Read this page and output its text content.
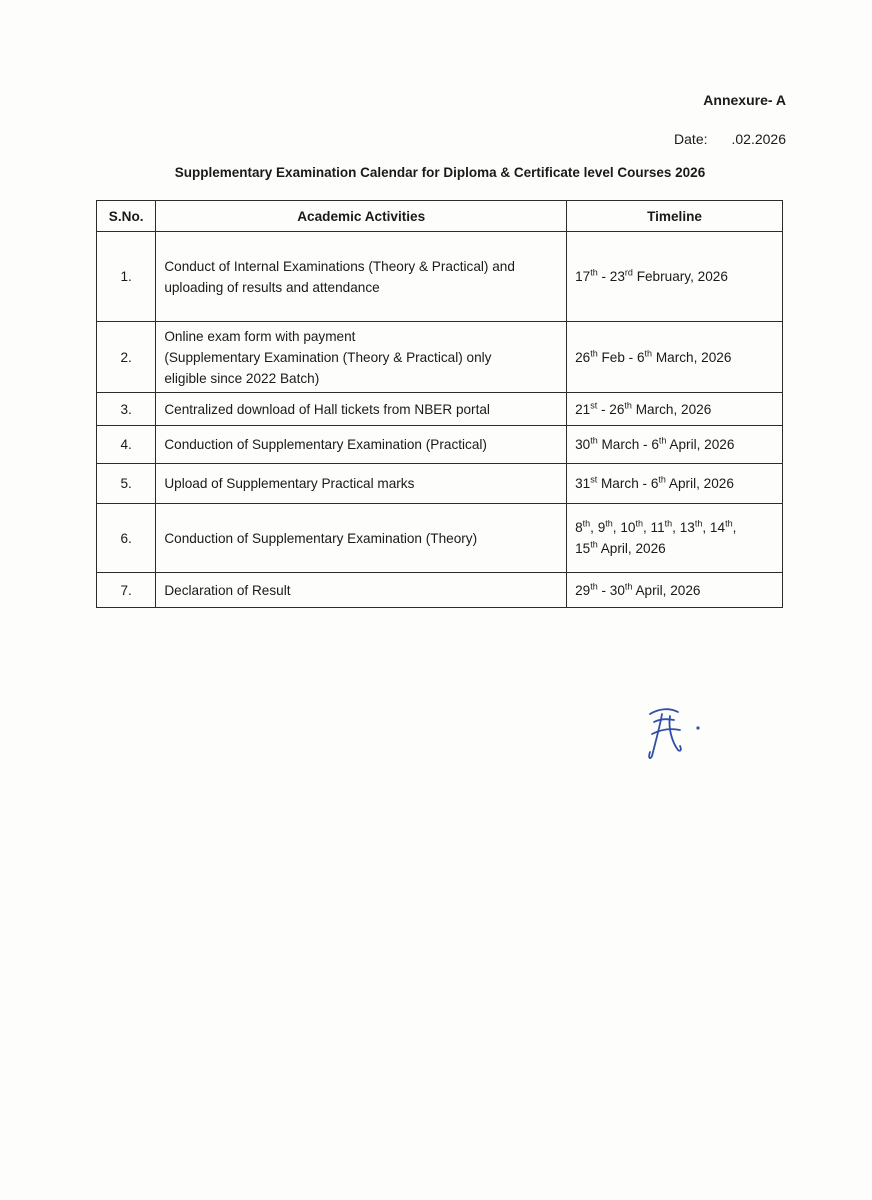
Annexure- A
Date: .02.2026
Supplementary Examination Calendar for Diploma & Certificate level Courses 2026
S.No.	Academic Activities	Timeline
1.	Conduct of Internal Examinations (Theory & Practical) and
uploading of results and attendance	17th - 23rd February, 2026

2.	Online exam form with payment
(Supplementary Examination (Theory & Practical) only
eligible since 2022 Batch)	26th Feb - 6th March, 2026

3.	Centralized download of Hall tickets from NBER portal	21st - 26th March, 2026

4.	Conduction of Supplementary Examination (Practical)	30th March - 6th April, 2026

5.	Upload of Supplementary Practical marks	31st March - 6th April, 2026

6.	Conduction of Supplementary Examination (Theory)	8th, 9th, 10th, 11th, 13th, 14th,
15th April, 2026

7.	Declaration of Result	29th - 30th April, 2026
